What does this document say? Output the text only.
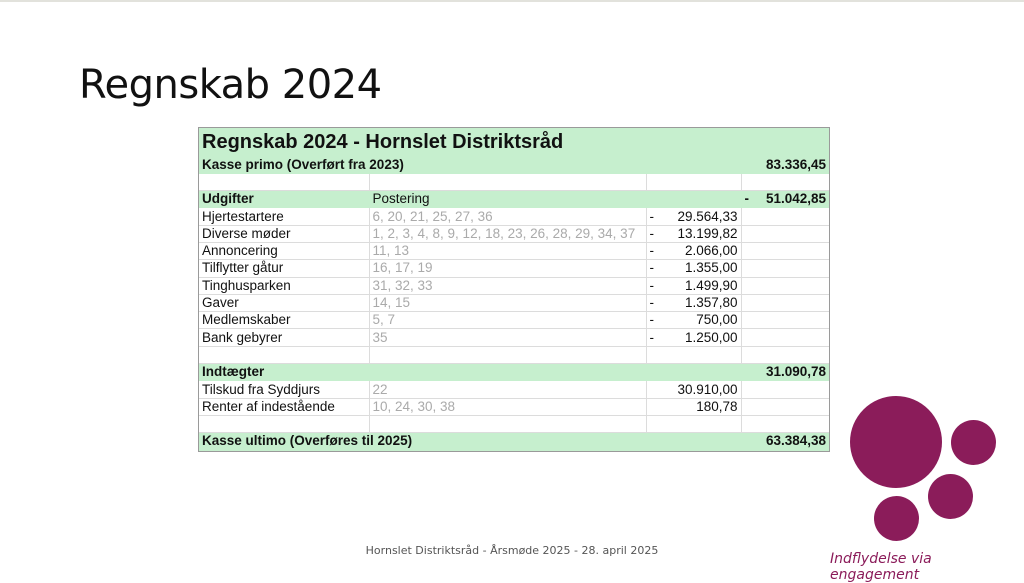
Regnskab 2024
Regnskab 2024 - Hornslet Distriktsråd			
Kasse primo (Overført fra 2023)			83.336,45

Udgifter	Postering		- 51.042,85
Hjertestartere	6, 20, 21, 25, 27, 36	- 29.564,33	
Diverse møder	1, 2, 3, 4, 8, 9, 12, 18, 23, 26, 28, 29, 34, 37	- 13.199,82	
Annoncering	11, 13	- 2.066,00	
Tilflytter gåtur	16, 17, 19	- 1.355,00	
Tinghusparken	31, 32, 33	- 1.499,90	
Gaver	14, 15	- 1.357,80	
Medlemskaber	5, 7	- 750,00	
Bank gebyrer	35	- 1.250,00	

Indtægter			31.090,78
Tilskud fra Syddjurs	22	30.910,00	
Renter af indestående	10, 24, 30, 38	180,78	

Kasse ultimo (Overføres til 2025)			63.384,38
Indflydelse via engagement
Hornslet Distriktsråd - Årsmøde 2025 - 28. april 2025
